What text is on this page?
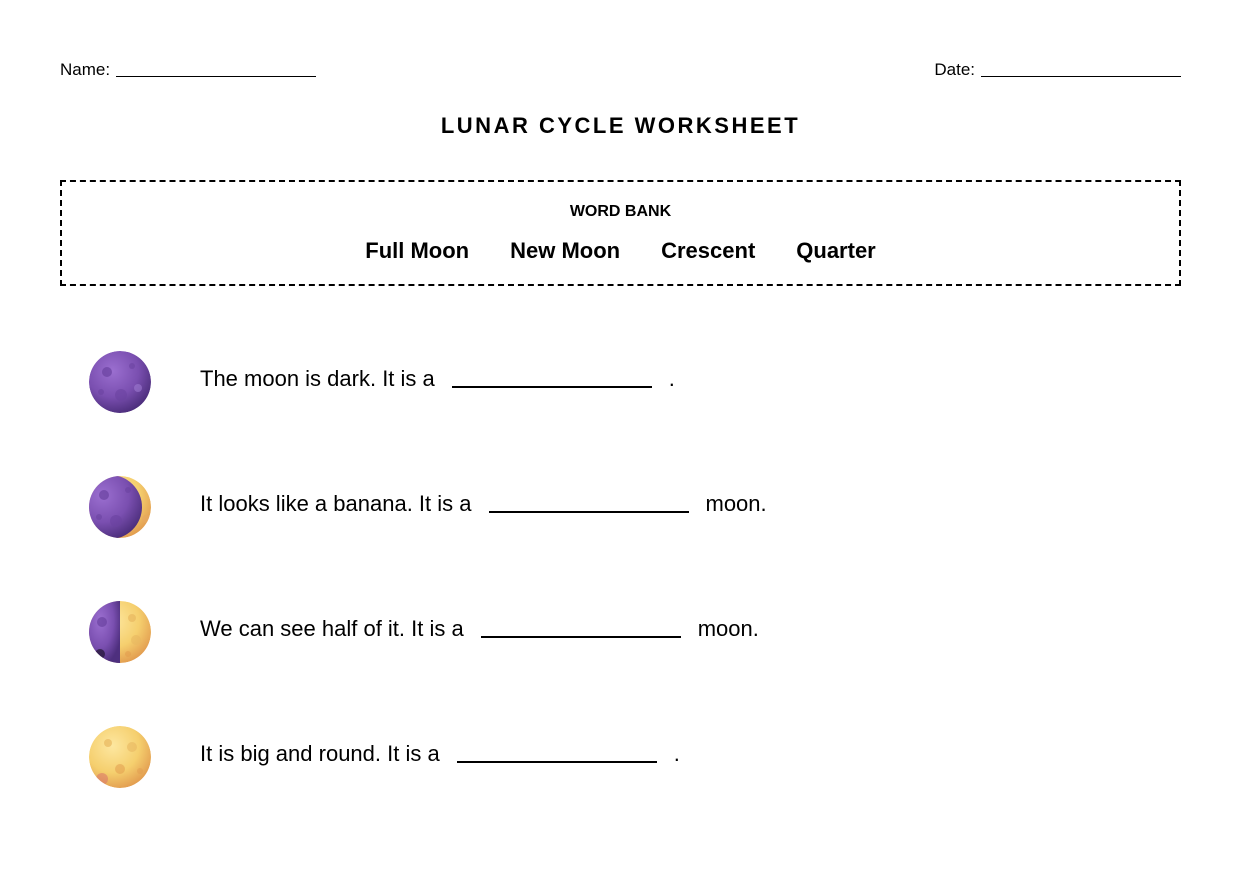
Name:	Date:
LUNAR CYCLE WORKSHEET
WORD BANK
Full Moon New Moon Crescent Quarter
The moon is dark. It is a	.
It looks like a banana. It is a	moon.
We can see half of it. It is a	moon.
It is big and round. It is a	.
